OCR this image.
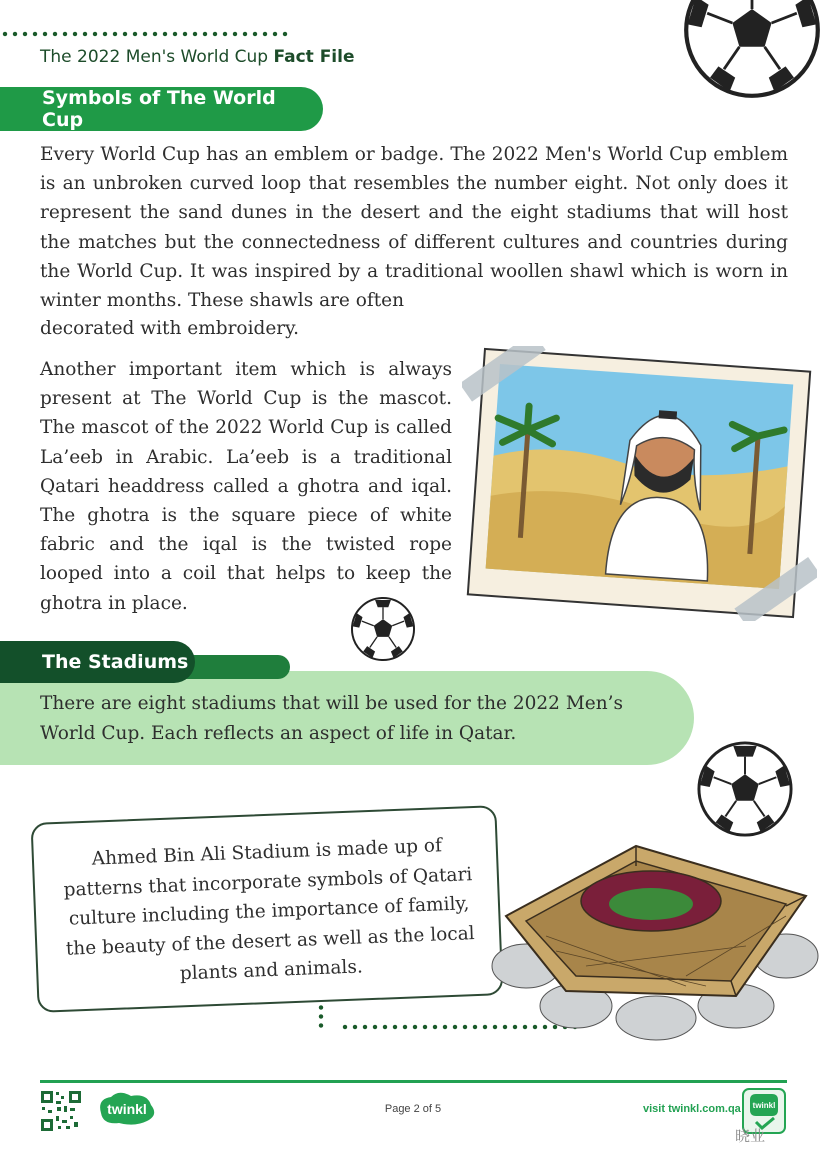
The 2022 Men's World Cup Fact File
Symbols of The World Cup

Every World Cup has an emblem or badge. The 2022 Men's World Cup emblem is an unbroken curved loop that resembles the number eight. Not only does it represent the sand dunes in the desert and the eight stadiums that will host the matches but the connectedness of different cultures and countries during the World Cup. It was inspired by a traditional woollen shawl which is worn in winter months. These shawls are often

decorated with embroidery.

Another important item which is always present at The World Cup is the mascot. The mascot of the 2022 World Cup is called La’eeb in Arabic. La’eeb is a traditional Qatari headdress called a ghotra and iqal. The ghotra is the square piece of white fabric and the iqal is the twisted rope looped into a coil that helps to keep the ghotra in place.

The Stadiums

There are eight stadiums that will be used for the 2022 Men’s World Cup. Each reflects an aspect of life in Qatar.

Ahmed Bin Ali Stadium is made up of patterns that incorporate symbols of Qatari culture including the importance of family, the beauty of the desert as well as the local plants and animals.

twinkl	Page 2 of 5	visit twinkl.com.qa twinkl
晓业
